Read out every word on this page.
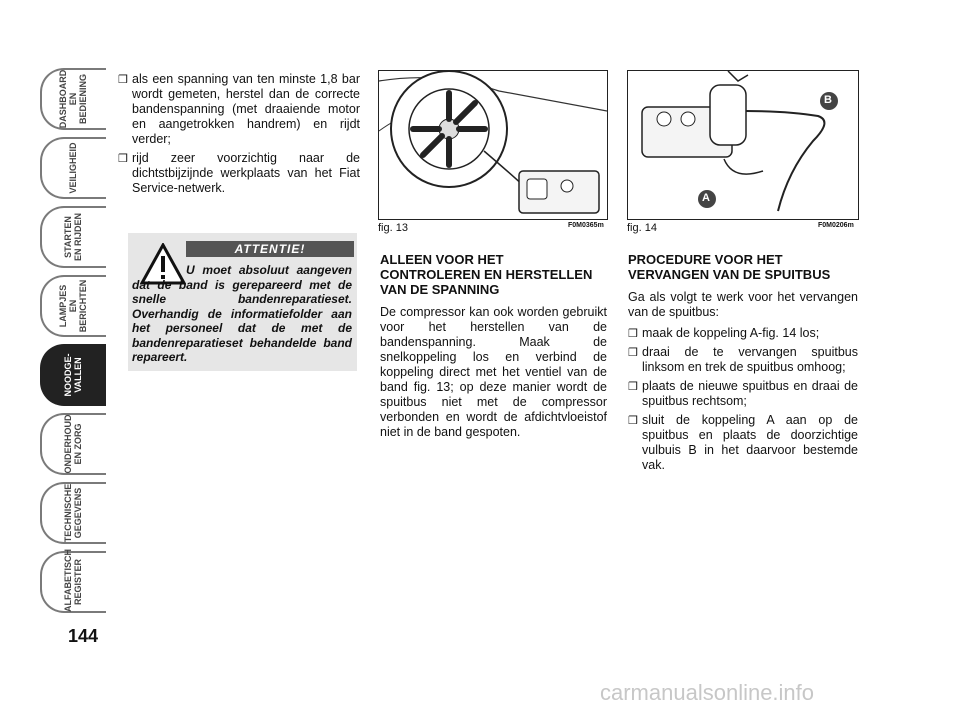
DASHBOARD
EN BEDIENING
VEILIGHEID
STARTEN
EN RIJDEN
LAMPJES
EN BERICHTEN
NOODGE-
VALLEN
ONDERHOUD
EN ZORG
TECHNISCHE
GEGEVENS
ALFABETISCH
REGISTER
144
❒ als een spanning van ten minste 1,8 bar wordt gemeten, herstel dan de correcte bandenspanning (met draaiende motor en aangetrokken handrem) en rijdt verder;
❒ rijd zeer voorzichtig naar de dichtstbijzijnde werkplaats van het Fiat Service-netwerk.
ATTENTIE!
U moet absoluut aangeven dat de band is gerepareerd met de snelle bandenreparatieset. Overhandig de informatiefolder aan het personeel dat de met de bandenreparatieset behandelde band repareert.
fig. 13	F0M0365m
B
A
fig. 14	F0M0206m
ALLEEN VOOR HET CONTROLEREN EN HERSTELLEN VAN DE SPANNING

De compressor kan ook worden gebruikt voor het herstellen van de bandenspanning. Maak de snelkoppeling los en verbind de koppeling direct met het ventiel van de band fig. 13; op deze manier wordt de spuitbus niet met de compressor verbonden en wordt de afdichtvloeistof niet in de band gespoten.

PROCEDURE VOOR HET VERVANGEN VAN DE SPUITBUS

Ga als volgt te werk voor het vervangen van de spuitbus:

❒ maak de koppeling A-fig. 14 los;
❒ draai de te vervangen spuitbus linksom en trek de spuitbus omhoog;
❒ plaats de nieuwe spuitbus en draai de spuitbus rechtsom;
❒ sluit de koppeling A aan op de spuitbus en plaats de doorzichtige vulbuis B in het daarvoor bestemde vak.
carmanualsonline.info
